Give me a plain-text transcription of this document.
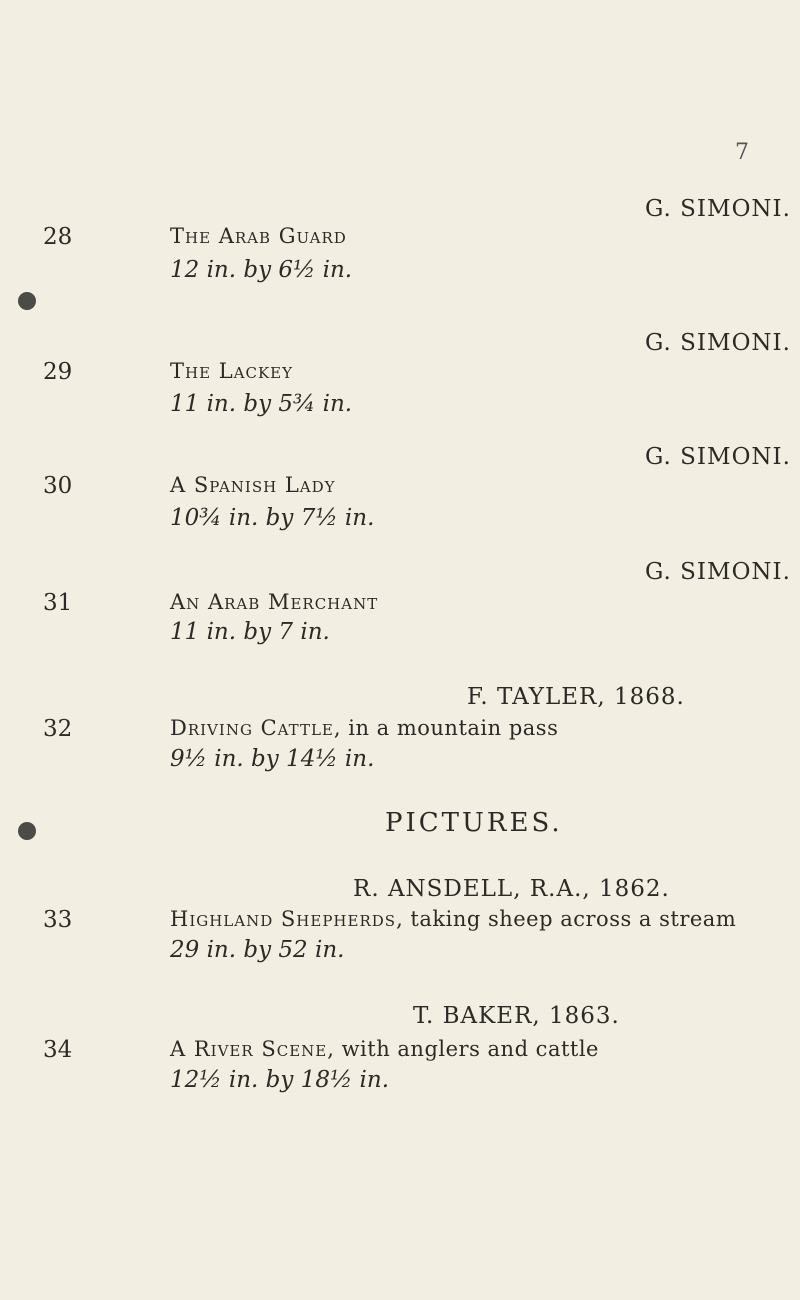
7
G. SIMONI.
28	The Arab Guard
12 in. by 6½ in.
G. SIMONI.
29	The Lackey
11 in. by 5¾ in.
G. SIMONI.
30	A Spanish Lady
10¾ in. by 7½ in.
G. SIMONI.
31	An Arab Merchant
11 in. by 7 in.
F. TAYLER, 1868.
32	Driving Cattle, in a mountain pass
9½ in. by 14½ in.
PICTURES.
R. ANSDELL, R.A., 1862.
33	Highland Shepherds, taking sheep across a stream
29 in. by 52 in.
T. BAKER, 1863.
34	A River Scene, with anglers and cattle
12½ in. by 18½ in.
